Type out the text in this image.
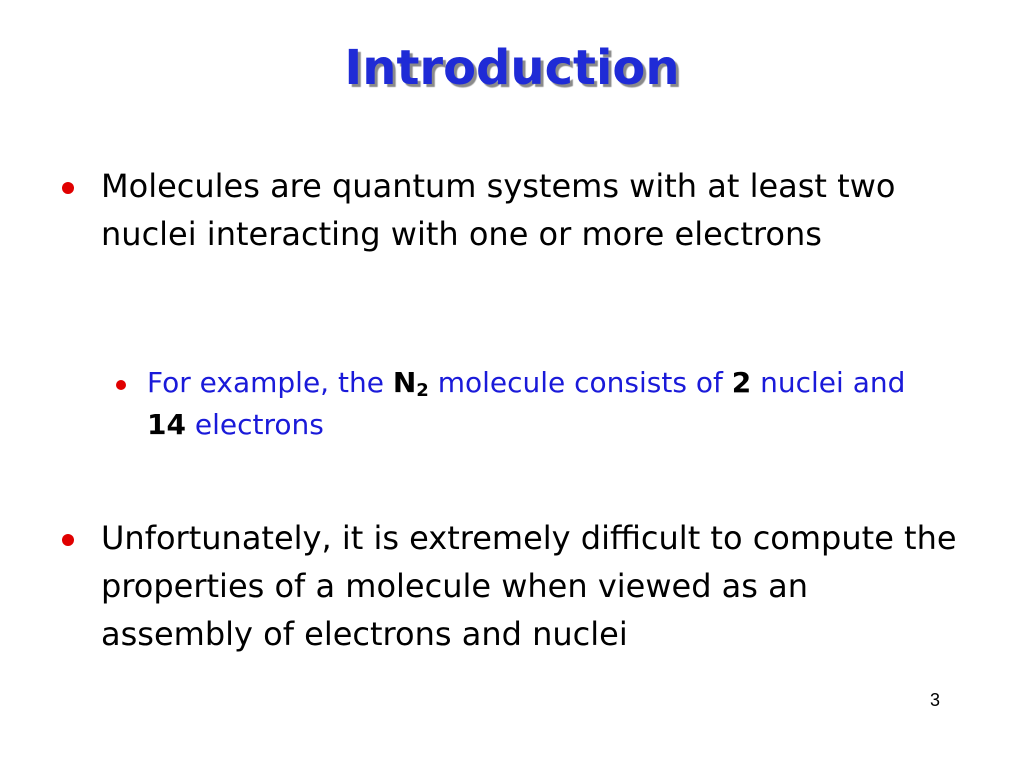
Introduction
Molecules are quantum systems with at least two nuclei interacting with one or more electrons
For example, the $N_2$ molecule consists of 2 nuclei and 14 electrons
Unfortunately, it is extremely difficult to compute the properties of a molecule when viewed as an assembly of electrons and nuclei
3
